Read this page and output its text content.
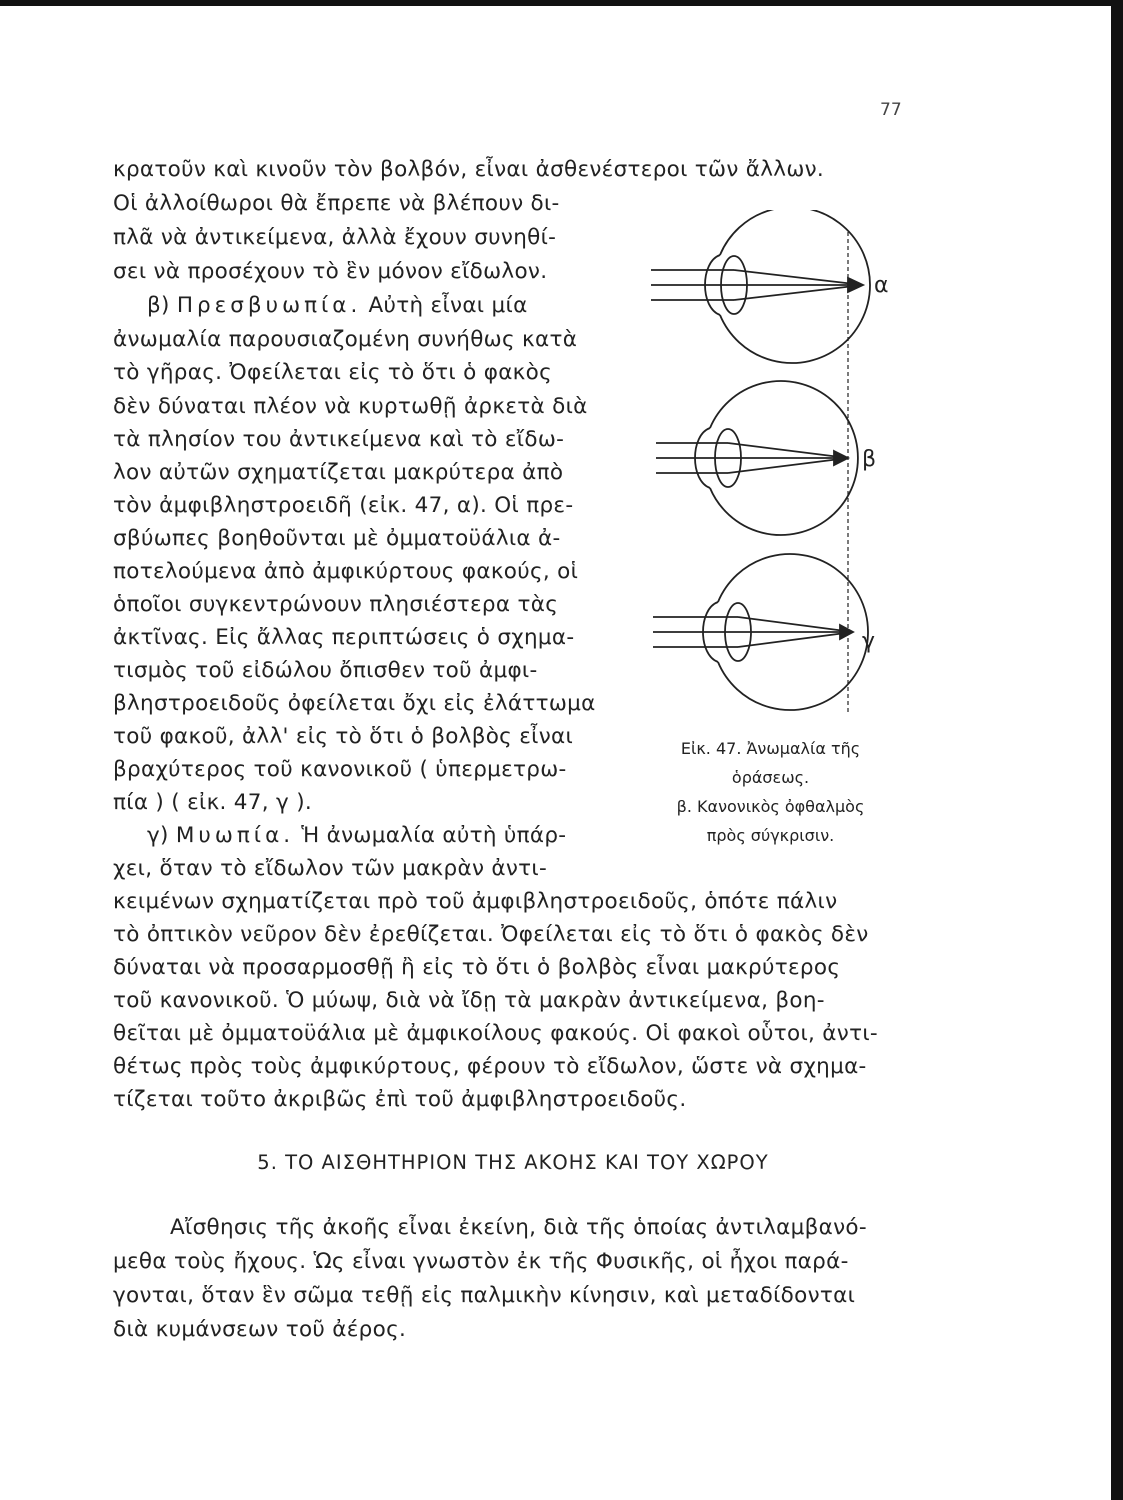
77

κρατοῦν καὶ κινοῦν τὸν βολβόν, εἶναι ἀσθενέστεροι τῶν ἄλλων.

Οἱ ἀλλοίθωροι θὰ ἔπρεπε νὰ βλέπουν δι-

πλᾶ νὰ ἀντικείμενα, ἀλλὰ ἔχουν συνηθί-

σει νὰ προσέχουν τὸ ἓν μόνον εἴδωλον.

β) Πρεσβυωπία. Αὐτὴ εἶναι μία

ἀνωμαλία παρουσιαζομένη συνήθως κατὰ

τὸ γῆρας. Ὀφείλεται εἰς τὸ ὅτι ὁ φακὸς

δὲν δύναται πλέον νὰ κυρτωθῇ ἀρκετὰ διὰ

τὰ πλησίον του ἀντικείμενα καὶ τὸ εἴδω-

λον αὐτῶν σχηματίζεται μακρύτερα ἀπὸ

τὸν ἀμφιβληστροειδῆ (εἰκ. 47, α). Οἱ πρε-

σβύωπες βοηθοῦνται μὲ ὀμματοϋάλια ἀ-

ποτελούμενα ἀπὸ ἀμφικύρτους φακούς, οἱ

ὁποῖοι συγκεντρώνουν πλησιέστερα τὰς

ἀκτῖνας. Εἰς ἄλλας περιπτώσεις ὁ σχημα-

τισμὸς τοῦ εἰδώλου ὄπισθεν τοῦ ἀμφι-

βληστροειδοῦς ὀφείλεται ὄχι εἰς ἐλάττωμα

τοῦ φακοῦ, ἀλλ' εἰς τὸ ὅτι ὁ βολβὸς εἶναι

βραχύτερος τοῦ κανονικοῦ ( ὑπερμετρω-

πία ) ( εἰκ. 47, γ ).

γ) Μυωπία. Ἡ ἀνωμαλία αὐτὴ ὑπάρ-

χει, ὅταν τὸ εἴδωλον τῶν μακρὰν ἀντι-

κειμένων σχηματίζεται πρὸ τοῦ ἀμφιβληστροειδοῦς, ὁπότε πάλιν

τὸ ὀπτικὸν νεῦρον δὲν ἐρεθίζεται. Ὀφείλεται εἰς τὸ ὅτι ὁ φακὸς δὲν

δύναται νὰ προσαρμοσθῇ ἢ εἰς τὸ ὅτι ὁ βολβὸς εἶναι μακρύτερος

τοῦ κανονικοῦ. Ὁ μύωψ, διὰ νὰ ἴδῃ τὰ μακρὰν ἀντικείμενα, βοη-

θεῖται μὲ ὀμματοϋάλια μὲ ἀμφικοίλους φακούς. Οἱ φακοὶ οὗτοι, ἀντι-

θέτως πρὸς τοὺς ἀμφικύρτους, φέρουν τὸ εἴδωλον, ὥστε νὰ σχημα-

τίζεται τοῦτο ἀκριβῶς ἐπὶ τοῦ ἀμφιβληστροειδοῦς.

5. ΤΟ ΑΙΣΘΗΤΗΡΙΟΝ ΤΗΣ ΑΚΟΗΣ ΚΑΙ ΤΟΥ ΧΩΡΟΥ

Αἴσθησις τῆς ἀκοῆς εἶναι ἐκείνη, διὰ τῆς ὁποίας ἀντιλαμβανό-

μεθα τοὺς ἤχους. Ὡς εἶναι γνωστὸν ἐκ τῆς Φυσικῆς, οἱ ἦχοι παρά-

γονται, ὅταν ἓν σῶμα τεθῇ εἰς παλμικὴν κίνησιν, καὶ μεταδίδονται

διὰ κυμάνσεων τοῦ ἀέρος.

α
β
γ
Εἰκ. 47. Ἀνωμαλία τῆς
ὁράσεως.
β. Κανονικὸς ὀφθαλμὸς
πρὸς σύγκρισιν.
